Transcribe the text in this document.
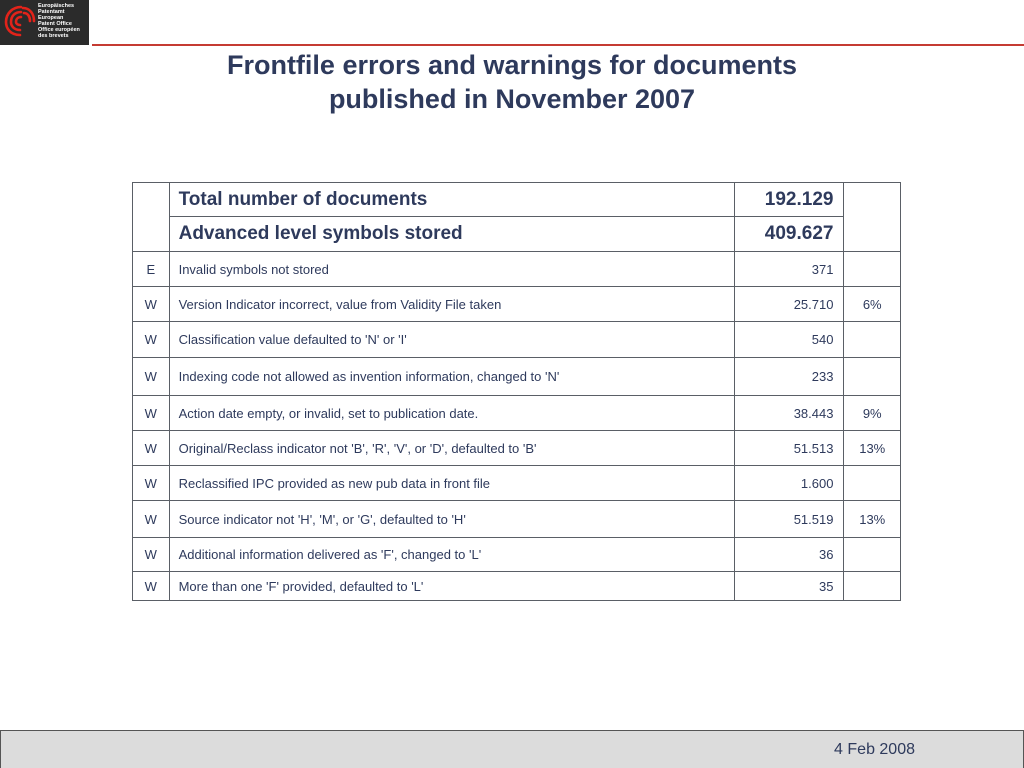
Europäisches
Patentamt
European
Patent Office
Office européen
des brevets
Frontfile errors and warnings for documents
published in November 2007
	Total number of documents	192.129	
	Advanced level symbols stored	409.627	
E	Invalid symbols not stored	371	
W	Version Indicator incorrect, value from Validity File taken	25.710	6%
W	Classification value defaulted to 'N' or 'I'	540	
W	Indexing code not allowed as invention information, changed to 'N'	233	
W	Action date empty, or invalid, set to publication date.	38.443	9%
W	Original/Reclass indicator not 'B', 'R', 'V', or 'D', defaulted to 'B'	51.513	13%
W	Reclassified IPC provided as new pub data in front file	1.600	
W	Source indicator not 'H', 'M', or 'G', defaulted to 'H'	51.519	13%
W	Additional information delivered as 'F', changed to 'L'	36	
W	More than one 'F' provided, defaulted to 'L'	35	
4 Feb 2008
